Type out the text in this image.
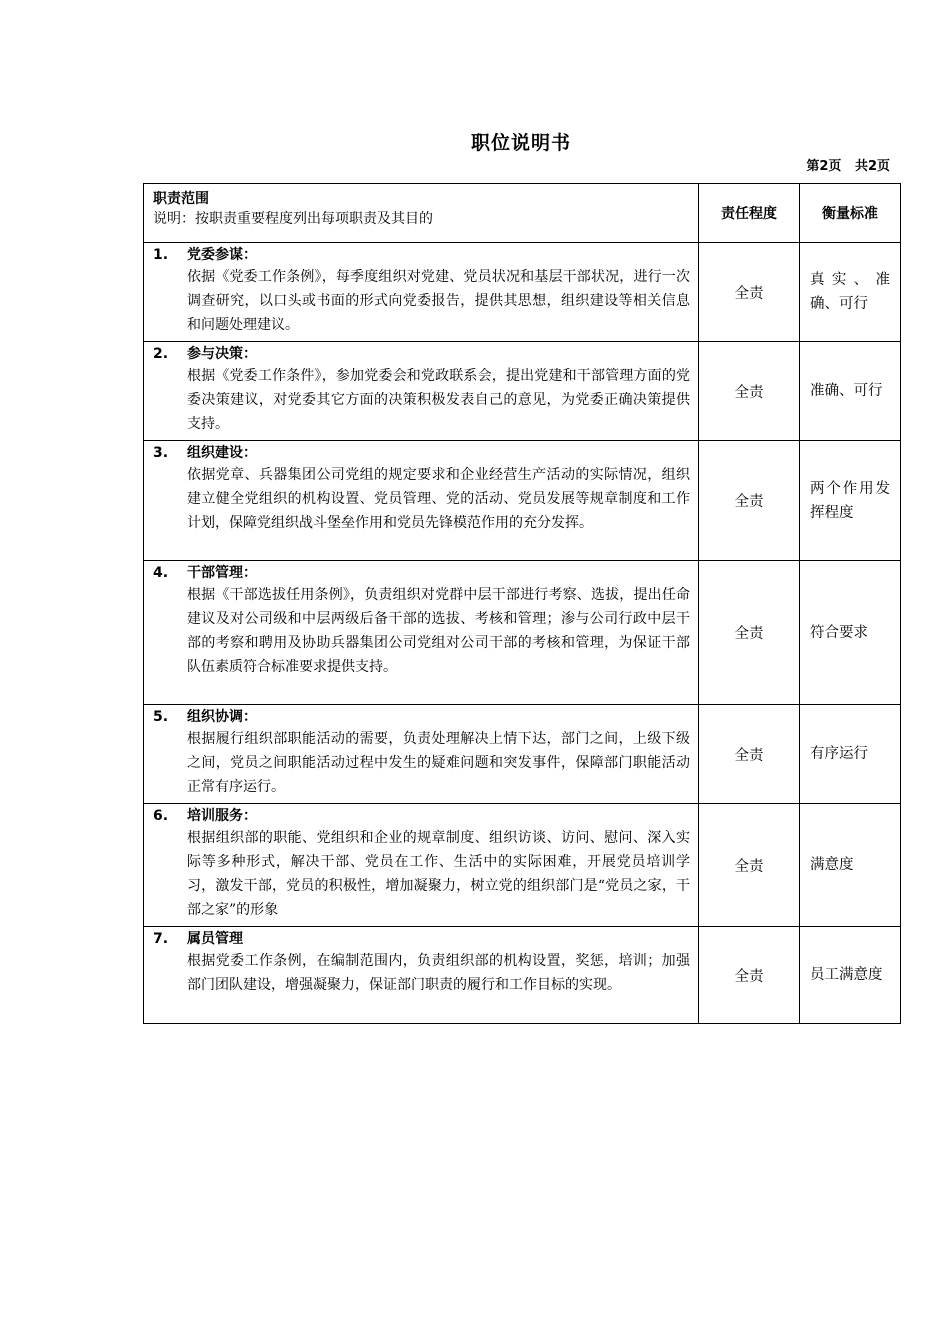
职位说明书
第2页   共2页
职责范围
说明：按职责重要程度列出每项职责及其目的	责任程度	衡量标准

1. 党委参谋：
依据《党委工作条例》，每季度组织对党建、党员状况和基层干部状况，进行一次调查研究，以口头或书面的形式向党委报告，提供其思想，组织建设等相关信息和问题处理建议。	全责	真实、准确、可行

2. 参与决策：
根据《党委工作条件》，参加党委会和党政联系会，提出党建和干部管理方面的党委决策建议，对党委其它方面的决策积极发表自己的意见，为党委正确决策提供支持。	全责	准确、可行

3. 组织建设：
依据党章、兵器集团公司党组的规定要求和企业经营生产活动的实际情况，组织建立健全党组织的机构设置、党员管理、党的活动、党员发展等规章制度和工作计划，保障党组织战斗堡垒作用和党员先锋模范作用的充分发挥。	全责	两个作用发挥程度

4. 干部管理：
根据《干部选拔任用条例》，负责组织对党群中层干部进行考察、选拔，提出任命建议及对公司级和中层两级后备干部的选拔、考核和管理；渗与公司行政中层干部的考察和聘用及协助兵器集团公司党组对公司干部的考核和管理，为保证干部队伍素质符合标准要求提供支持。	全责	符合要求

5. 组织协调：
根据履行组织部职能活动的需要，负责处理解决上情下达，部门之间，上级下级之间，党员之间职能活动过程中发生的疑难问题和突发事件，保障部门职能活动正常有序运行。	全责	有序运行

6. 培训服务：
根据组织部的职能、党组织和企业的规章制度、组织访谈、访问、慰问、深入实际等多种形式，解决干部、党员在工作、生活中的实际困难，开展党员培训学习，激发干部，党员的积极性，增加凝聚力，树立党的组织部门是“党员之家，干部之家”的形象	全责	满意度

7. 属员管理
根据党委工作条例，在编制范围内，负责组织部的机构设置，奖惩，培训；加强部门团队建设，增强凝聚力，保证部门职责的履行和工作目标的实现。	全责	员工满意度
